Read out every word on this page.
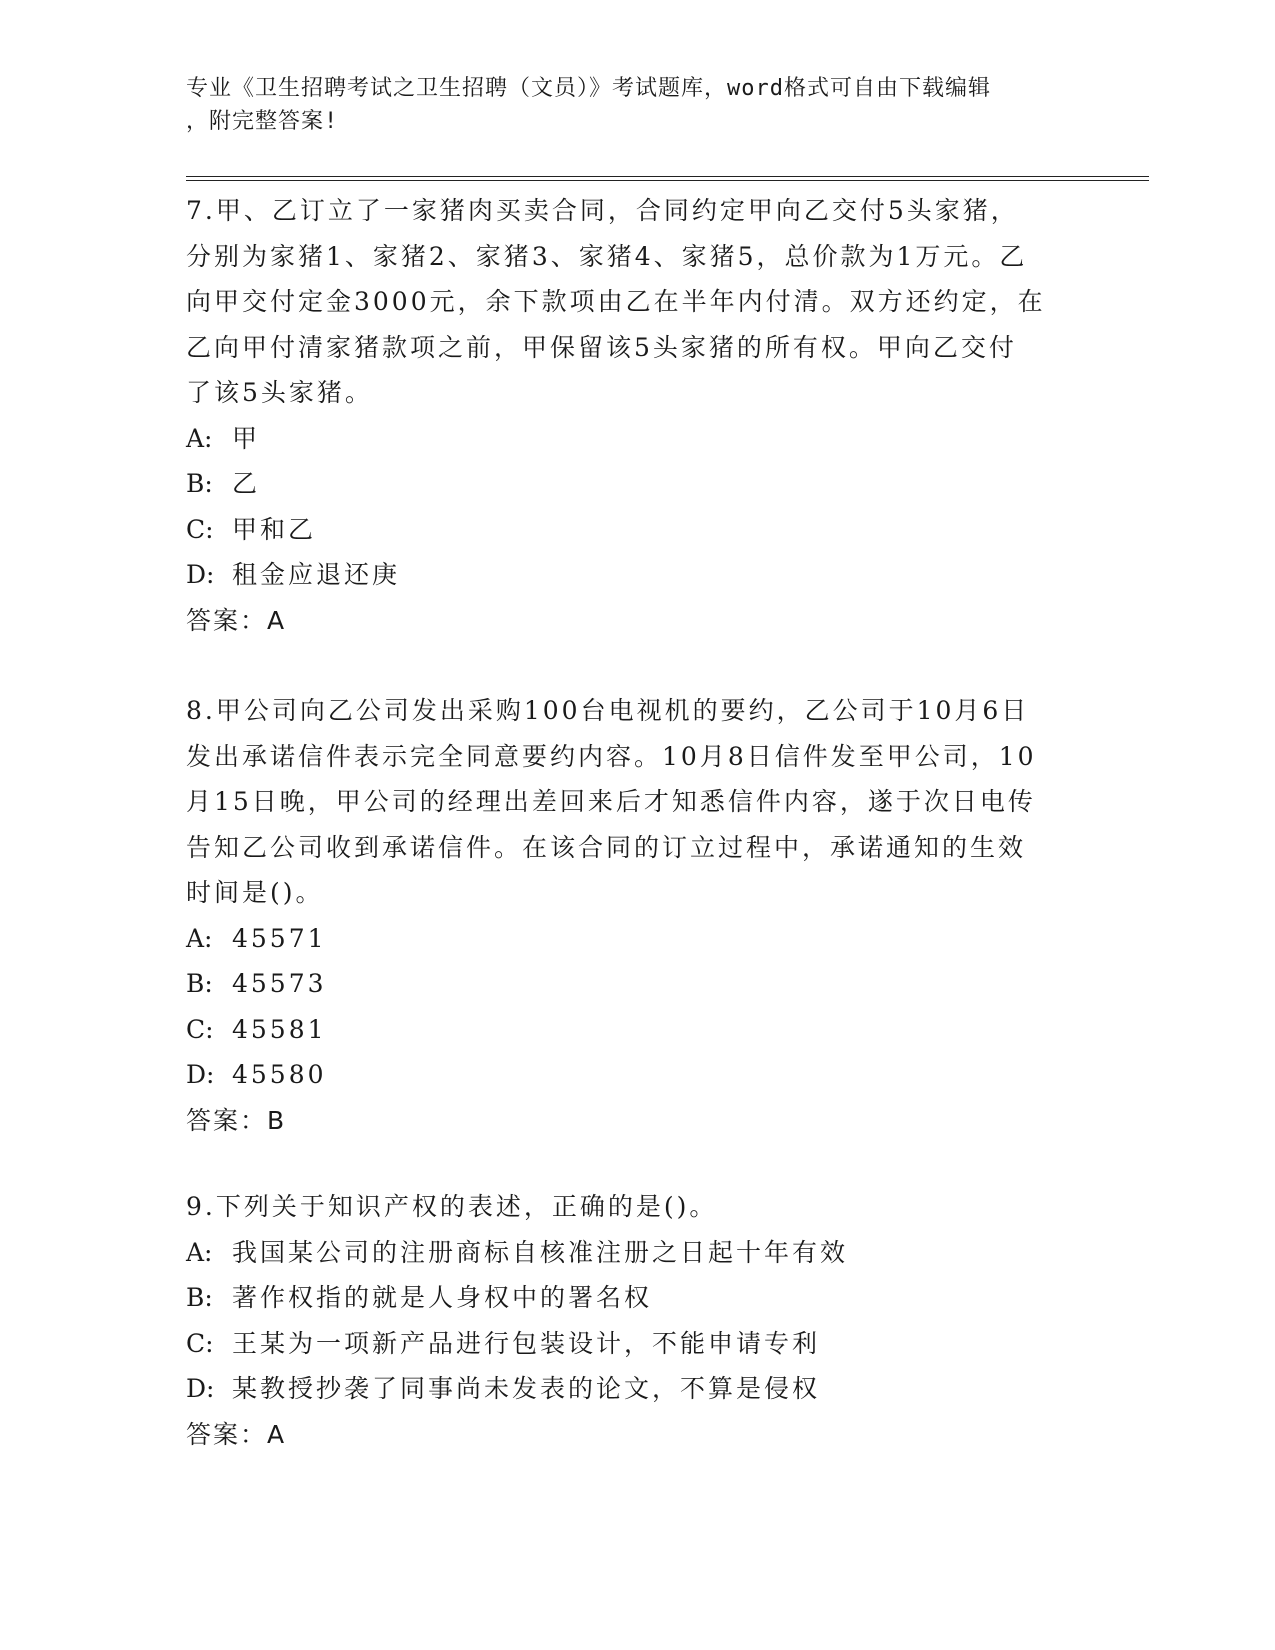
专业《卫生招聘考试之卫生招聘（文员）》考试题库，word格式可自由下载编辑
，附完整答案!
7.甲、乙订立了一家猪肉买卖合同，合同约定甲向乙交付5头家猪，
分别为家猪1、家猪2、家猪3、家猪4、家猪5，总价款为1万元。乙
向甲交付定金3000元，余下款项由乙在半年内付清。双方还约定，在
乙向甲付清家猪款项之前，甲保留该5头家猪的所有权。甲向乙交付
了该5头家猪。
A: 甲
B: 乙
C: 甲和乙
D: 租金应退还庚
答案：A
8.甲公司向乙公司发出采购100台电视机的要约，乙公司于10月6日
发出承诺信件表示完全同意要约内容。10月8日信件发至甲公司，10
月15日晚，甲公司的经理出差回来后才知悉信件内容，遂于次日电传
告知乙公司收到承诺信件。在该合同的订立过程中，承诺通知的生效
时间是()。
A: 45571
B: 45573
C: 45581
D: 45580
答案：B
9.下列关于知识产权的表述，正确的是()。
A: 我国某公司的注册商标自核准注册之日起十年有效
B: 著作权指的就是人身权中的署名权
C: 王某为一项新产品进行包装设计，不能申请专利
D: 某教授抄袭了同事尚未发表的论文，不算是侵权
答案：A
